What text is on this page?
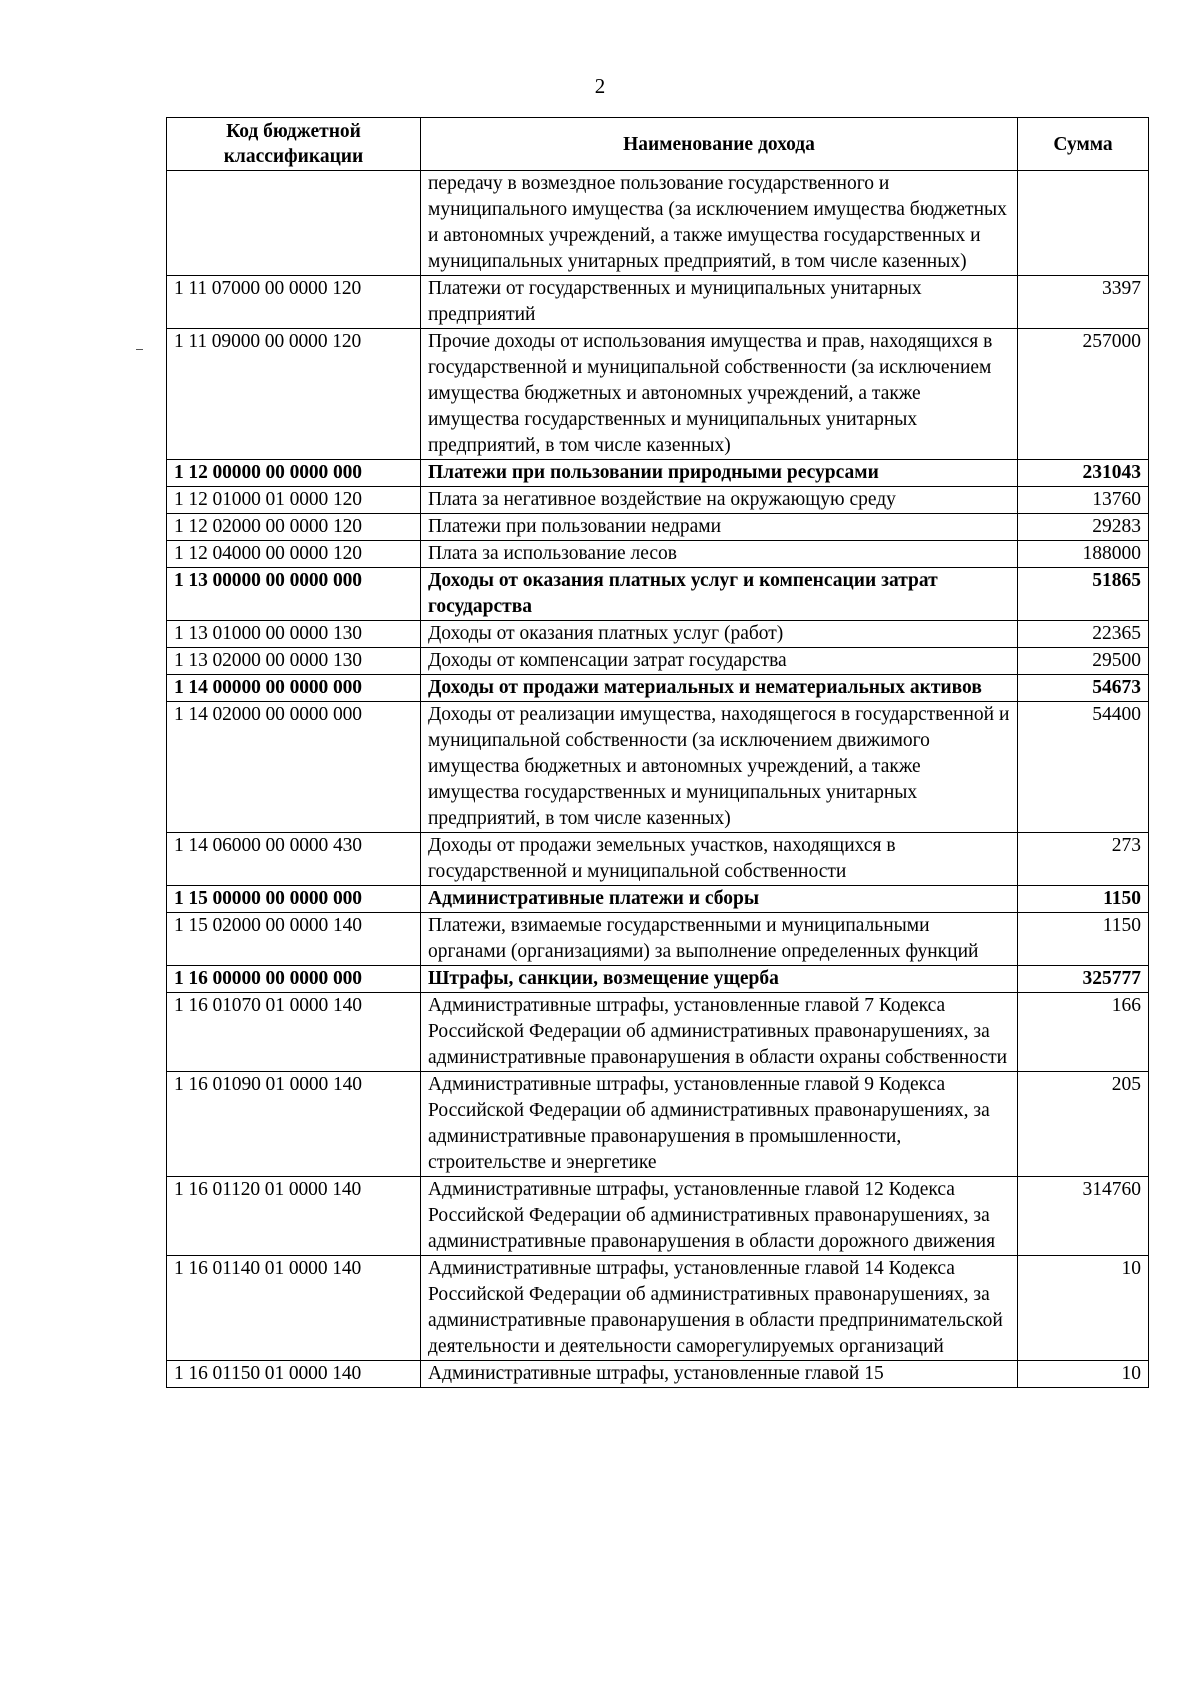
2
Код бюджетной классификации	Наименование дохода	Сумма
	передачу в возмездное пользование государственного и муниципального имущества (за исключением имущества бюджетных и автономных учреждений, а также имущества государственных и муниципальных унитарных предприятий, в том числе казенных)	
1 11 07000 00 0000 120	Платежи от государственных и муниципальных унитарных предприятий	3397
1 11 09000 00 0000 120	Прочие доходы от использования имущества и прав, находящихся в государственной и муниципальной собственности (за исключением имущества бюджетных и автономных учреждений, а также имущества государственных и муниципальных унитарных предприятий, в том числе казенных)	257000
1 12 00000 00 0000 000	Платежи при пользовании природными ресурсами	231043
1 12 01000 01 0000 120	Плата за негативное воздействие на окружающую среду	13760
1 12 02000 00 0000 120	Платежи при пользовании недрами	29283
1 12 04000 00 0000 120	Плата за использование лесов	188000
1 13 00000 00 0000 000	Доходы от оказания платных услуг и компенсации затрат государства	51865
1 13 01000 00 0000 130	Доходы от оказания платных услуг (работ)	22365
1 13 02000 00 0000 130	Доходы от компенсации затрат государства	29500
1 14 00000 00 0000 000	Доходы от продажи материальных и нематериальных активов	54673
1 14 02000 00 0000 000	Доходы от реализации имущества, находящегося в государственной и муниципальной собственности (за исключением движимого имущества бюджетных и автономных учреждений, а также имущества государственных и муниципальных унитарных предприятий, в том числе казенных)	54400
1 14 06000 00 0000 430	Доходы от продажи земельных участков, находящихся в государственной и муниципальной собственности	273
1 15 00000 00 0000 000	Административные платежи и сборы	1150
1 15 02000 00 0000 140	Платежи, взимаемые государственными и муниципальными органами (организациями) за выполнение определенных функций	1150
1 16 00000 00 0000 000	Штрафы, санкции, возмещение ущерба	325777
1 16 01070 01 0000 140	Административные штрафы, установленные главой 7 Кодекса Российской Федерации об административных правонарушениях, за административные правонарушения в области охраны собственности	166
1 16 01090 01 0000 140	Административные штрафы, установленные главой 9 Кодекса Российской Федерации об административных правонарушениях, за административные правонарушения в промышленности, строительстве и энергетике	205
1 16 01120 01 0000 140	Административные штрафы, установленные главой 12 Кодекса Российской Федерации об административных правонарушениях, за административные правонарушения в области дорожного движения	314760
1 16 01140 01 0000 140	Административные штрафы, установленные главой 14 Кодекса Российской Федерации об административных правонарушениях, за административные правонарушения в области предпринимательской деятельности и деятельности саморегулируемых организаций	10
1 16 01150 01 0000 140	Административные штрафы, установленные главой 15	10
